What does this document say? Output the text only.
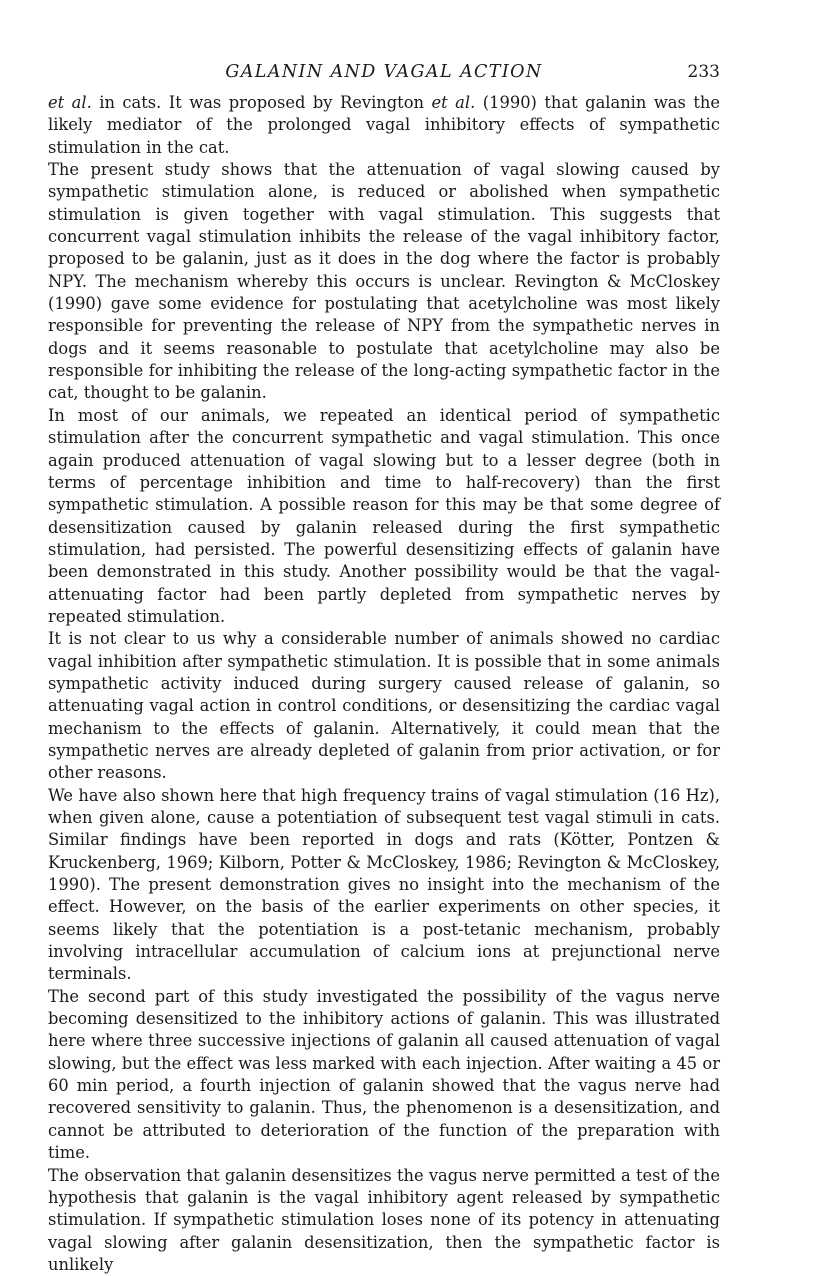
GALANIN AND VAGAL ACTION	233

et al. in cats. It was proposed by Revington et al. (1990) that galanin was the likely mediator of the prolonged vagal inhibitory effects of sympathetic stimulation in the cat.

The present study shows that the attenuation of vagal slowing caused by sympathetic stimulation alone, is reduced or abolished when sympathetic stimulation is given together with vagal stimulation. This suggests that concurrent vagal stimulation inhibits the release of the vagal inhibitory factor, proposed to be galanin, just as it does in the dog where the factor is probably NPY. The mechanism whereby this occurs is unclear. Revington & McCloskey (1990) gave some evidence for postulating that acetylcholine was most likely responsible for preventing the release of NPY from the sympathetic nerves in dogs and it seems reasonable to postulate that acetylcholine may also be responsible for inhibiting the release of the long-acting sympathetic factor in the cat, thought to be galanin.

In most of our animals, we repeated an identical period of sympathetic stimulation after the concurrent sympathetic and vagal stimulation. This once again produced attenuation of vagal slowing but to a lesser degree (both in terms of percentage inhibition and time to half-recovery) than the first sympathetic stimulation. A possible reason for this may be that some degree of desensitization caused by galanin released during the first sympathetic stimulation, had persisted. The powerful desensitizing effects of galanin have been demonstrated in this study. Another possibility would be that the vagal-attenuating factor had been partly depleted from sympathetic nerves by repeated stimulation.

It is not clear to us why a considerable number of animals showed no cardiac vagal inhibition after sympathetic stimulation. It is possible that in some animals sympathetic activity induced during surgery caused release of galanin, so attenuating vagal action in control conditions, or desensitizing the cardiac vagal mechanism to the effects of galanin. Alternatively, it could mean that the sympathetic nerves are already depleted of galanin from prior activation, or for other reasons.

We have also shown here that high frequency trains of vagal stimulation (16 Hz), when given alone, cause a potentiation of subsequent test vagal stimuli in cats. Similar findings have been reported in dogs and rats (Kötter, Pontzen & Kruckenberg, 1969; Kilborn, Potter & McCloskey, 1986; Revington & McCloskey, 1990). The present demonstration gives no insight into the mechanism of the effect. However, on the basis of the earlier experiments on other species, it seems likely that the potentiation is a post-tetanic mechanism, probably involving intracellular accumulation of calcium ions at prejunctional nerve terminals.

The second part of this study investigated the possibility of the vagus nerve becoming desensitized to the inhibitory actions of galanin. This was illustrated here where three successive injections of galanin all caused attenuation of vagal slowing, but the effect was less marked with each injection. After waiting a 45 or 60 min period, a fourth injection of galanin showed that the vagus nerve had recovered sensitivity to galanin. Thus, the phenomenon is a desensitization, and cannot be attributed to deterioration of the function of the preparation with time.

The observation that galanin desensitizes the vagus nerve permitted a test of the hypothesis that galanin is the vagal inhibitory agent released by sympathetic stimulation. If sympathetic stimulation loses none of its potency in attenuating vagal slowing after galanin desensitization, then the sympathetic factor is unlikely
